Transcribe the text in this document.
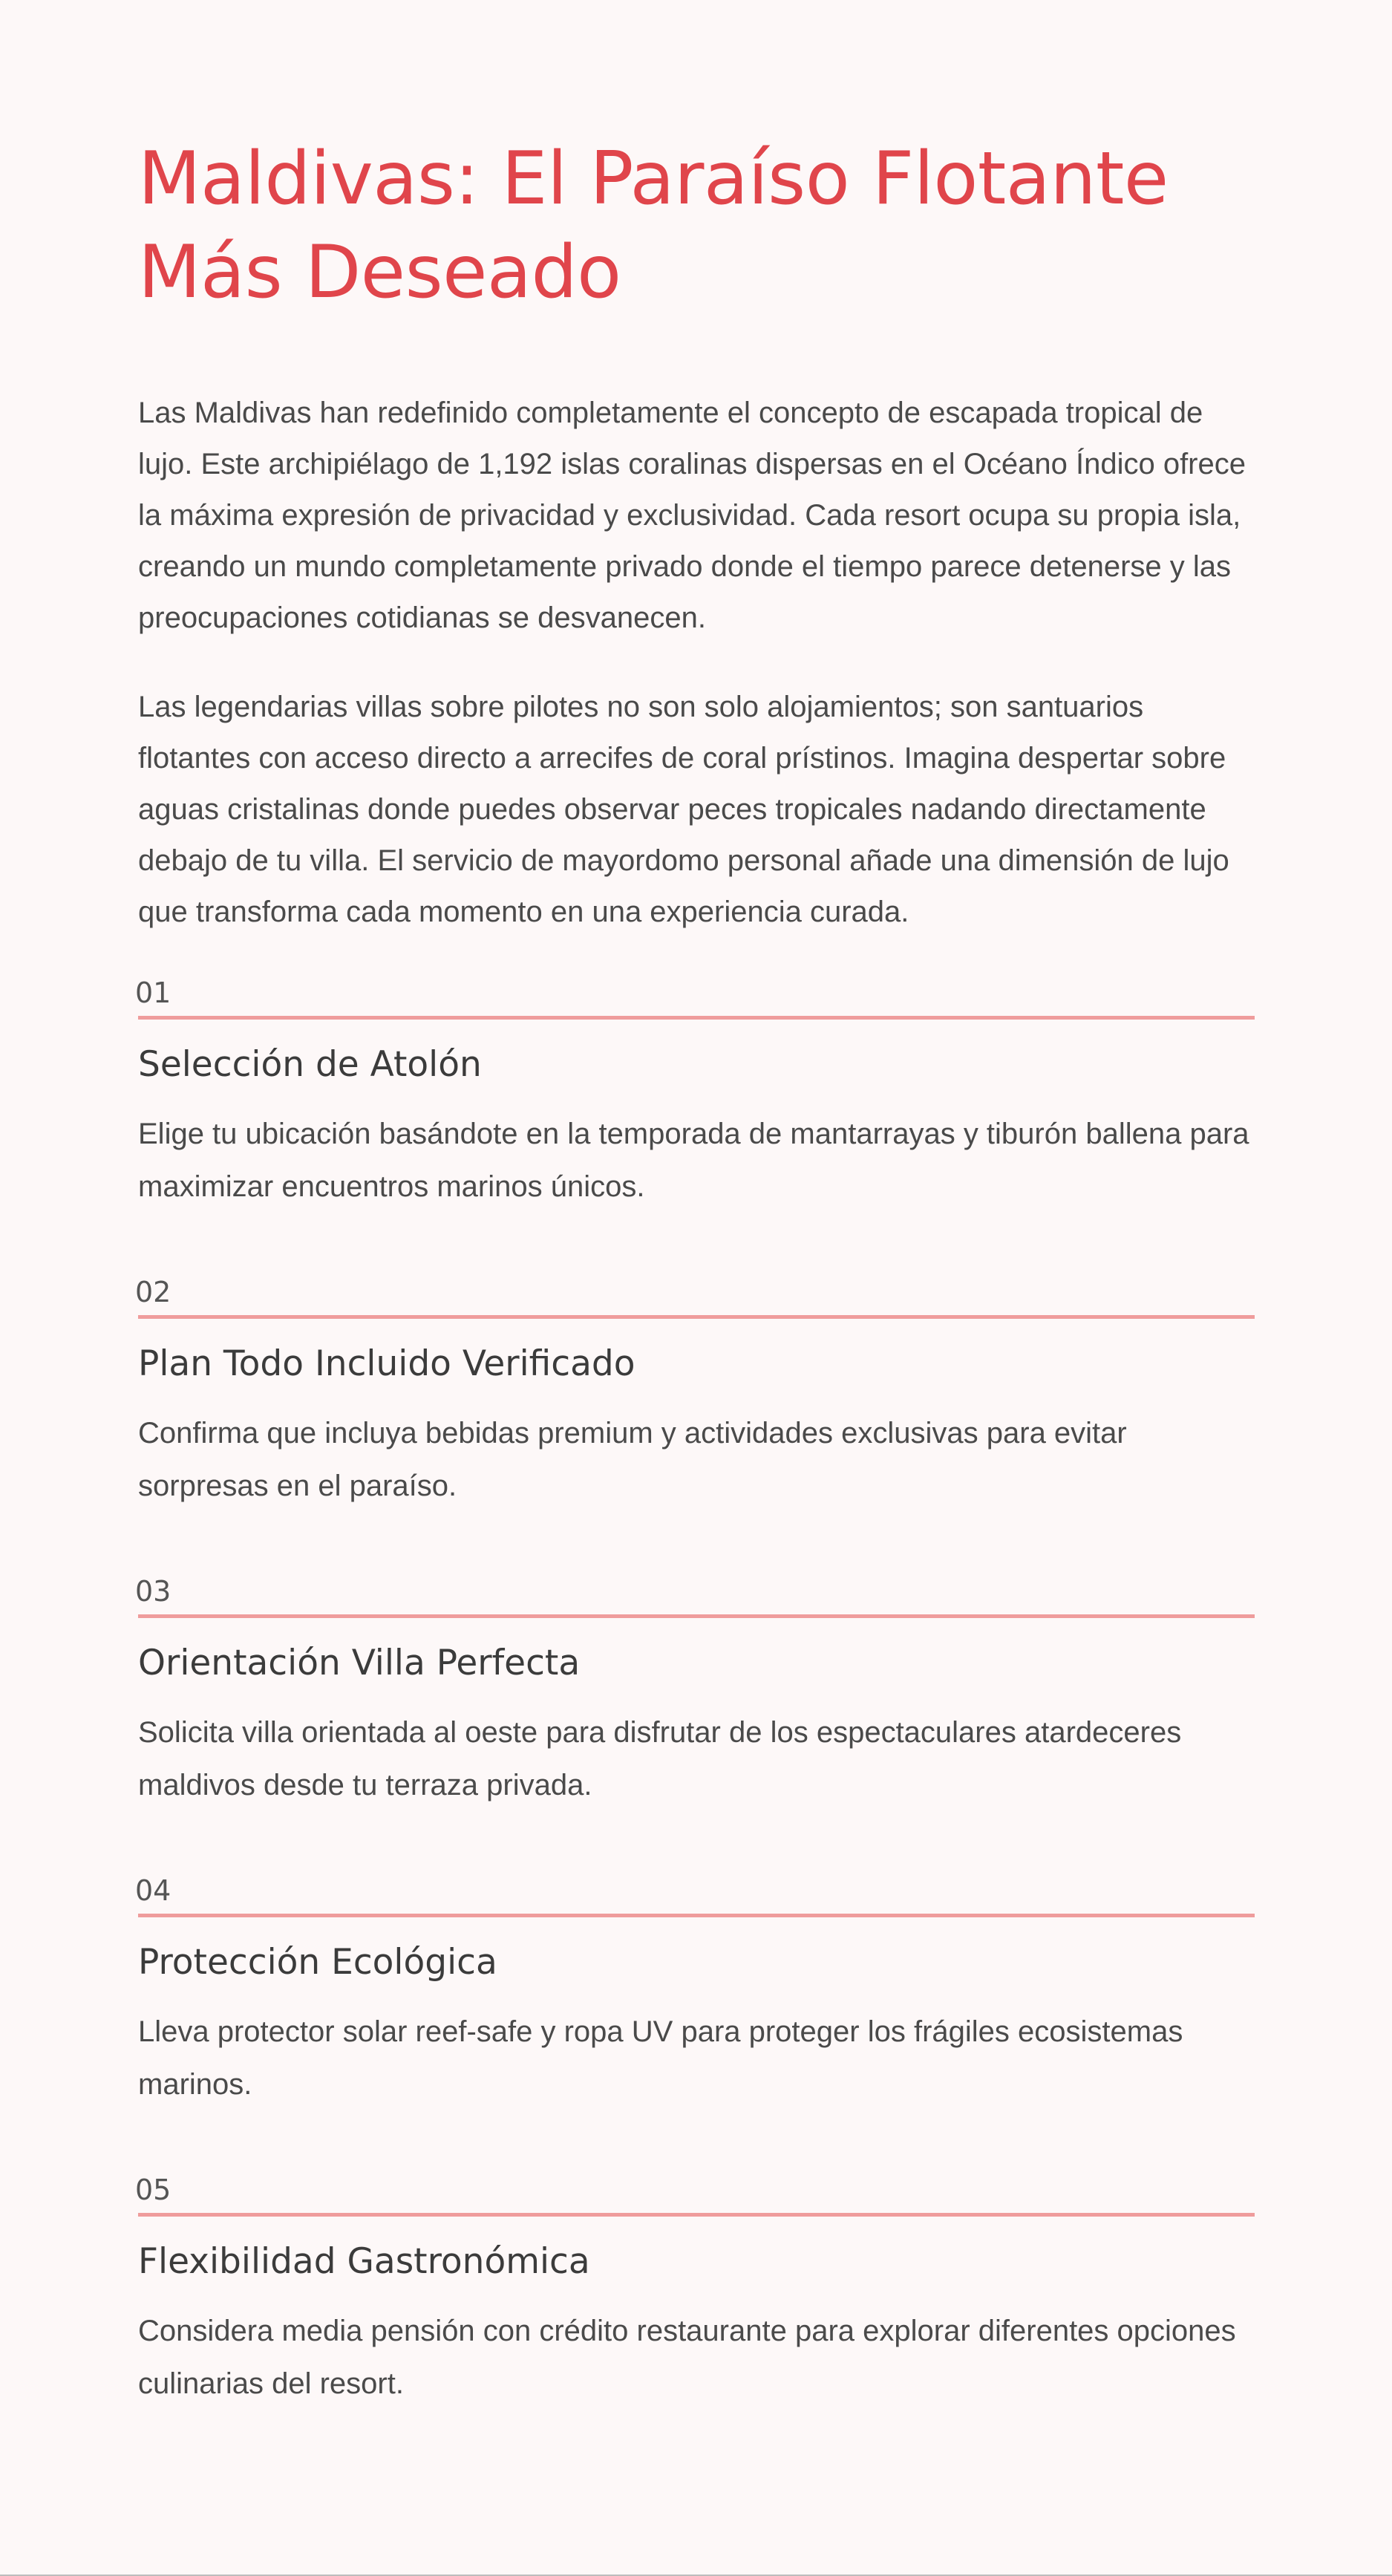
Maldivas: El Paraíso Flotante Más Deseado

Las Maldivas han redefinido completamente el concepto de escapada tropical de lujo. Este archipiélago de 1,192 islas coralinas dispersas en el Océano Índico ofrece la máxima expresión de privacidad y exclusividad. Cada resort ocupa su propia isla, creando un mundo completamente privado donde el tiempo parece detenerse y las preocupaciones cotidianas se desvanecen.

Las legendarias villas sobre pilotes no son solo alojamientos; son santuarios flotantes con acceso directo a arrecifes de coral prístinos. Imagina despertar sobre aguas cristalinas donde puedes observar peces tropicales nadando directamente debajo de tu villa. El servicio de mayordomo personal añade una dimensión de lujo que transforma cada momento en una experiencia curada.

01
Selección de Atolón

Elige tu ubicación basándote en la temporada de mantarrayas y tiburón ballena para maximizar encuentros marinos únicos.

02
Plan Todo Incluido Verificado

Confirma que incluya bebidas premium y actividades exclusivas para evitar sorpresas en el paraíso.

03
Orientación Villa Perfecta

Solicita villa orientada al oeste para disfrutar de los espectaculares atardeceres maldivos desde tu terraza privada.

04
Protección Ecológica

Lleva protector solar reef-safe y ropa UV para proteger los frágiles ecosistemas marinos.

05
Flexibilidad Gastronómica

Considera media pensión con crédito restaurante para explorar diferentes opciones culinarias del resort.
